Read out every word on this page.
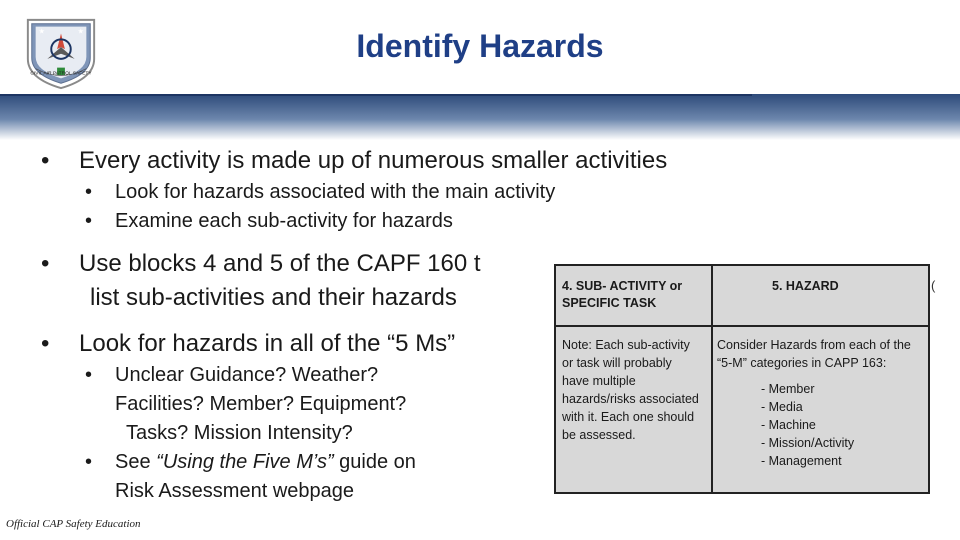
★	★
CIVIL AIR PATROL SAFETY
Identify Hazards
• Every activity is made up of numerous smaller activities
• Look for hazards associated with the main activity
• Examine each sub-activity for hazards
• Use blocks 4 and 5 of the CAPF 160 t
list sub-activities and their hazards
• Look for hazards in all of the “5 Ms”
• Unclear Guidance? Weather?
Facilities? Member? Equipment?
Tasks? Mission Intensity?
• See “Using the Five M’s” guide on
Risk Assessment webpage
4. SUB- ACTIVITY or
SPECIFIC TASK
5. HAZARD
Note: Each sub-activity
or task will probably
have multiple
hazards/risks associated
with it. Each one should
be assessed.
Consider Hazards from each of the
“5-M” categories in CAPP 163:
- Member
- Media
- Machine
- Mission/Activity
- Management
(
Official CAP Safety Education
